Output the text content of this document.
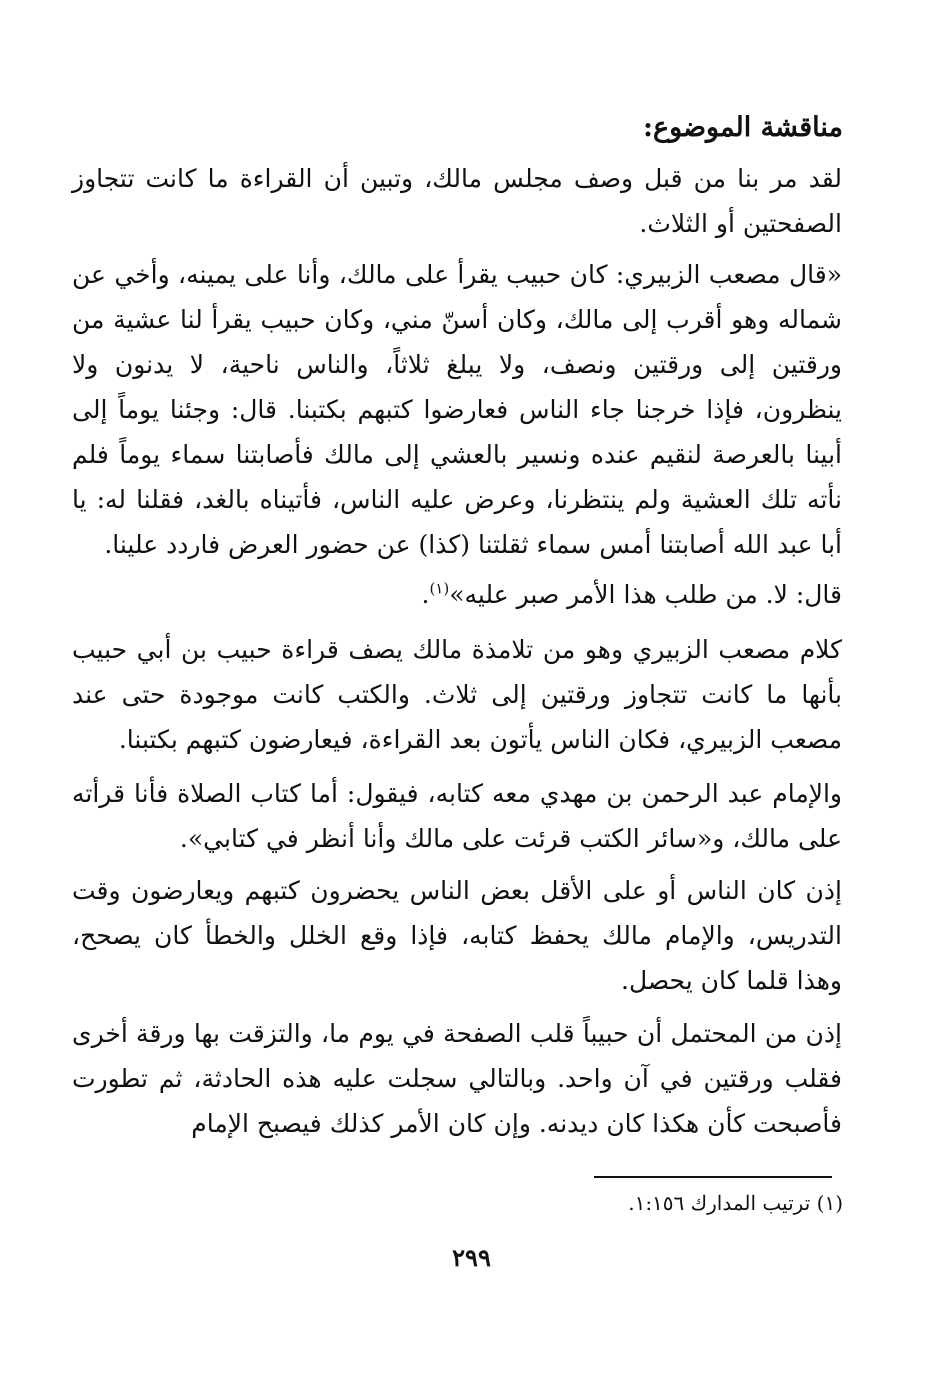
مناقشة الموضوع:

لقد مر بنا من قبل وصف مجلس مالك، وتبين أن القراءة ما كانت تتجاوز الصفحتين أو الثلاث.

«قال مصعب الزبيري: كان حبيب يقرأ على مالك، وأنا على يمينه، وأخي عن شماله وهو أقرب إلى مالك، وكان أسنّ مني، وكان حبيب يقرأ لنا عشية من ورقتين إلى ورقتين ونصف، ولا يبلغ ثلاثاً، والناس ناحية، لا يدنون ولا ينظرون، فإذا خرجنا جاء الناس فعارضوا كتبهم بكتبنا. قال: وجئنا يوماً إلى أبينا بالعرصة لنقيم عنده ونسير بالعشي إلى مالك فأصابتنا سماء يوماً فلم نأته تلك العشية ولم ينتظرنا، وعرض عليه الناس، فأتيناه بالغد، فقلنا له: يا أبا عبد الله أصابتنا أمس سماء ثقلتنا (كذا) عن حضور العرض فاردد علينا.

قال: لا. من طلب هذا الأمر صبر عليه»$^{(١)}$.

كلام مصعب الزبيري وهو من تلامذة مالك يصف قراءة حبيب بن أبي حبيب بأنها ما كانت تتجاوز ورقتين إلى ثلاث. والكتب كانت موجودة حتى عند مصعب الزبيري، فكان الناس يأتون بعد القراءة، فيعارضون كتبهم بكتبنا.

والإمام عبد الرحمن بن مهدي معه كتابه، فيقول: أما كتاب الصلاة فأنا قرأته على مالك، و«سائر الكتب قرئت على مالك وأنا أنظر في كتابي».

إذن كان الناس أو على الأقل بعض الناس يحضرون كتبهم ويعارضون وقت التدريس، والإمام مالك يحفظ كتابه، فإذا وقع الخلل والخطأ كان يصحح، وهذا قلما كان يحصل.

إذن من المحتمل أن حبيباً قلب الصفحة في يوم ما، والتزقت بها ورقة أخرى فقلب ورقتين في آن واحد. وبالتالي سجلت عليه هذه الحادثة، ثم تطورت فأصبحت كأن هكذا كان ديدنه. وإن كان الأمر كذلك فيصبح الإمام

(١) ترتيب المدارك ١:١٥٦.

٢٩٩
